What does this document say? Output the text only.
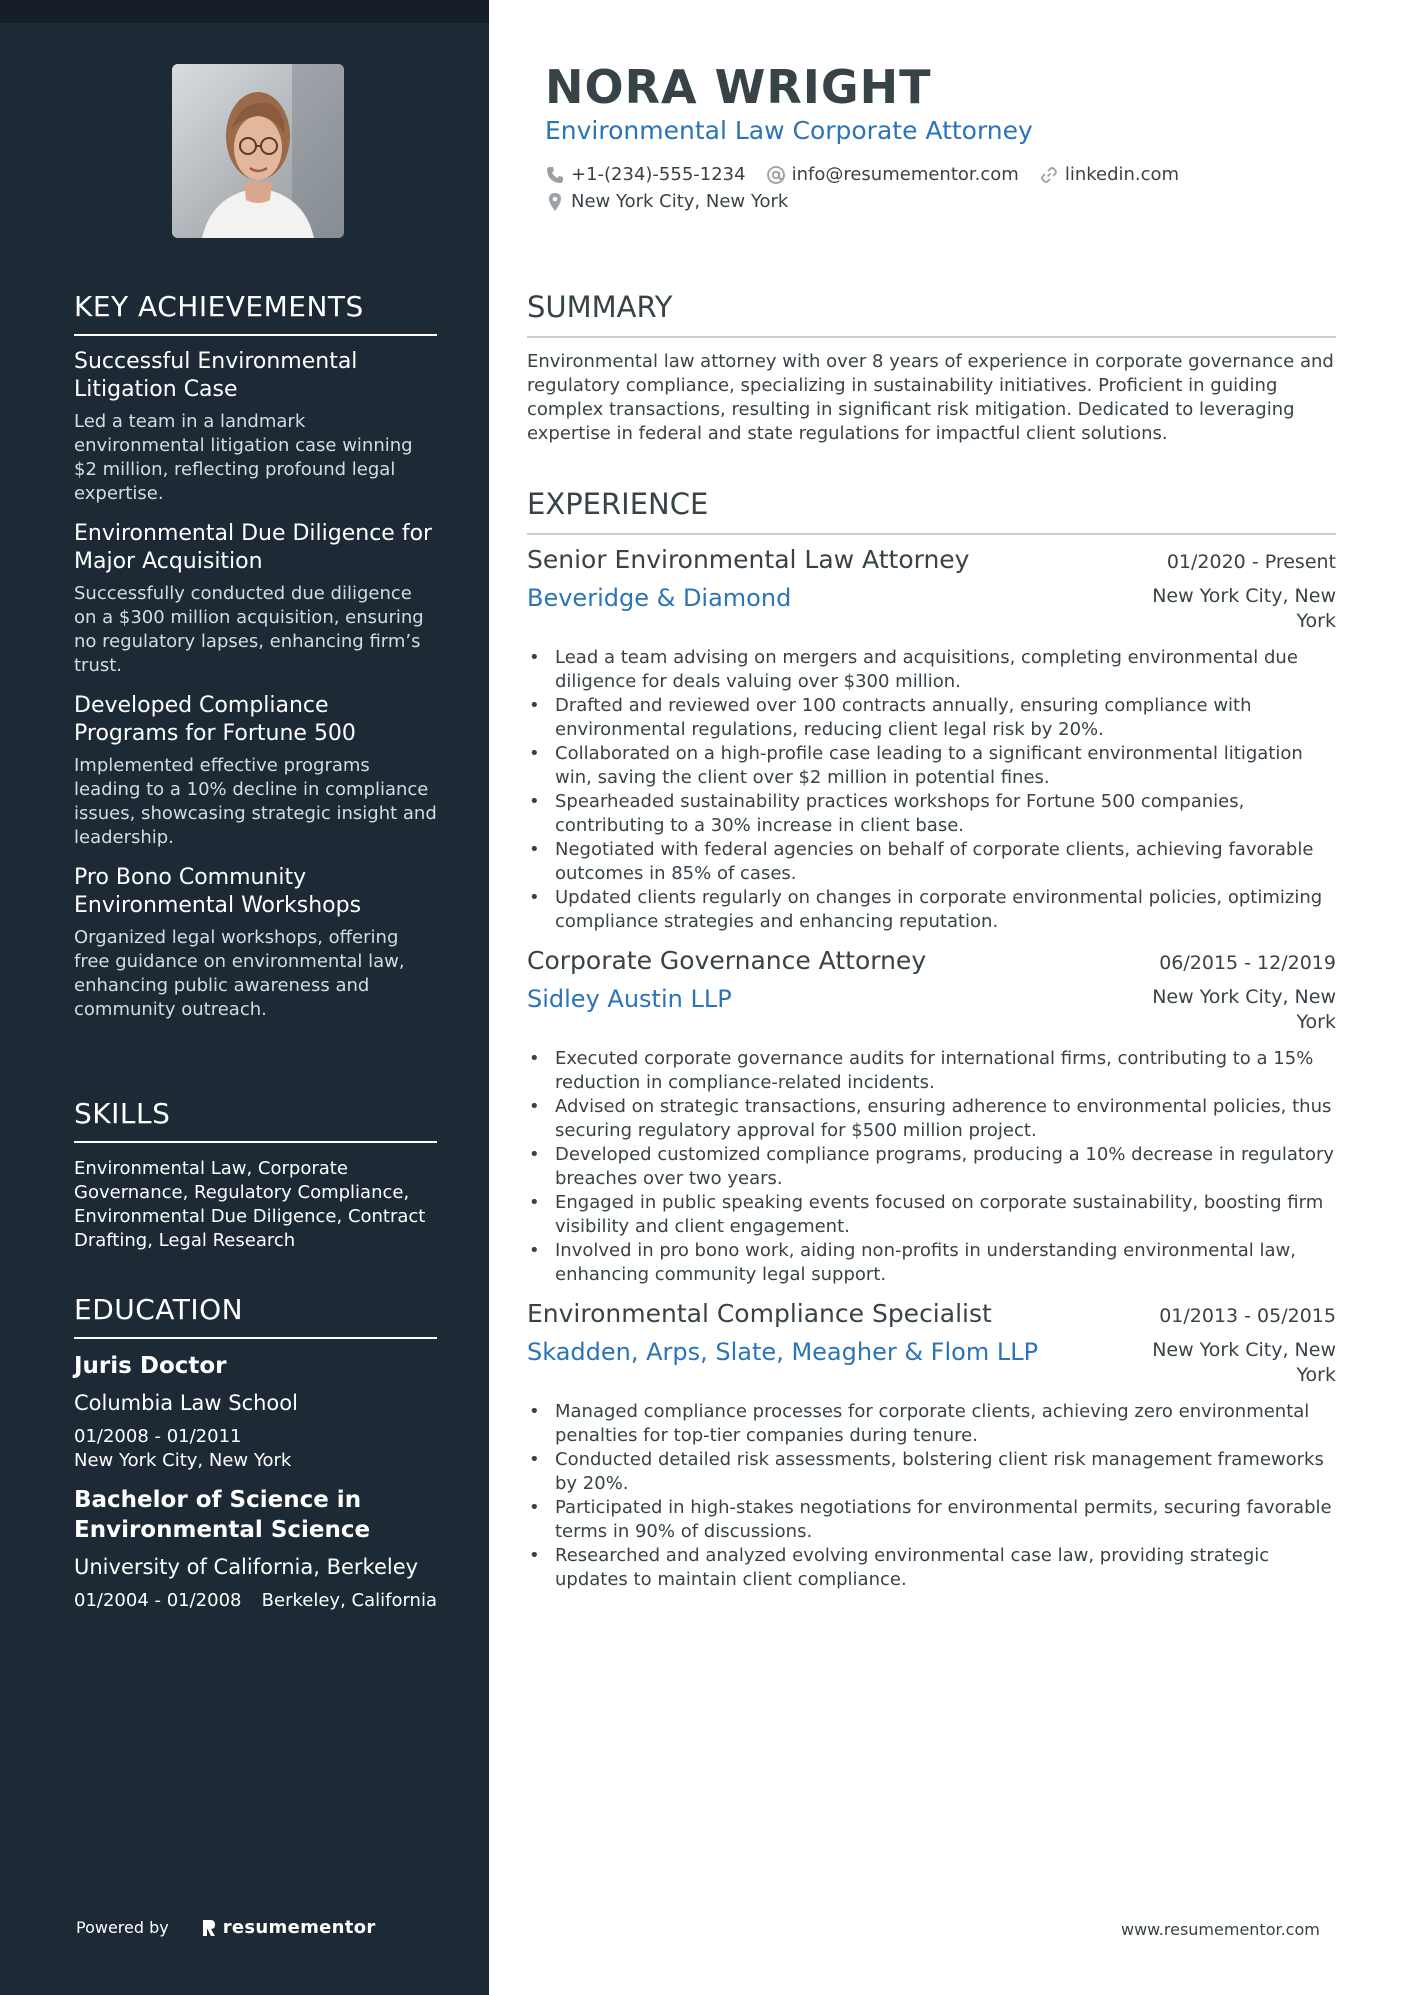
KEY ACHIEVEMENTS
Successful Environmental Litigation Case
Led a team in a landmark environmental litigation case winning $2 million, reflecting profound legal expertise.
Environmental Due Diligence for Major Acquisition
Successfully conducted due diligence on a $300 million acquisition, ensuring no regulatory lapses, enhancing firm’s trust.
Developed Compliance Programs for Fortune 500
Implemented effective programs leading to a 10% decline in compliance issues, showcasing strategic insight and leadership.
Pro Bono Community Environmental Workshops
Organized legal workshops, offering free guidance on environmental law, enhancing public awareness and community outreach.
SKILLS
Environmental Law, Corporate Governance, Regulatory Compliance, Environmental Due Diligence, Contract Drafting, Legal Research
EDUCATION
Juris Doctor
Columbia Law School
01/2008 - 01/2011
New York City, New York
Bachelor of Science in Environmental Science
University of California, Berkeley
01/2004 - 01/2008 Berkeley, California
Powered by	resumementor
NORA WRIGHT
Environmental Law Corporate Attorney
+1-(234)-555-1234	info@resumementor.com	linkedin.com
New York City, New York
SUMMARY
Environmental law attorney with over 8 years of experience in corporate governance and regulatory compliance, specializing in sustainability initiatives. Proficient in guiding complex transactions, resulting in significant risk mitigation. Dedicated to leveraging expertise in federal and state regulations for impactful client solutions.
EXPERIENCE
Senior Environmental Law Attorney	01/2020 - Present
Beveridge & Diamond	New York City, New York
• Lead a team advising on mergers and acquisitions, completing environmental due diligence for deals valuing over $300 million.
• Drafted and reviewed over 100 contracts annually, ensuring compliance with environmental regulations, reducing client legal risk by 20%.
• Collaborated on a high-profile case leading to a significant environmental litigation win, saving the client over $2 million in potential fines.
• Spearheaded sustainability practices workshops for Fortune 500 companies, contributing to a 30% increase in client base.
• Negotiated with federal agencies on behalf of corporate clients, achieving favorable outcomes in 85% of cases.
• Updated clients regularly on changes in corporate environmental policies, optimizing compliance strategies and enhancing reputation.
Corporate Governance Attorney	06/2015 - 12/2019
Sidley Austin LLP	New York City, New York
• Executed corporate governance audits for international firms, contributing to a 15% reduction in compliance-related incidents.
• Advised on strategic transactions, ensuring adherence to environmental policies, thus securing regulatory approval for $500 million project.
• Developed customized compliance programs, producing a 10% decrease in regulatory breaches over two years.
• Engaged in public speaking events focused on corporate sustainability, boosting firm visibility and client engagement.
• Involved in pro bono work, aiding non-profits in understanding environmental law, enhancing community legal support.
Environmental Compliance Specialist	01/2013 - 05/2015
Skadden, Arps, Slate, Meagher & Flom LLP	New York City, New York
• Managed compliance processes for corporate clients, achieving zero environmental penalties for top-tier companies during tenure.
• Conducted detailed risk assessments, bolstering client risk management frameworks by 20%.
• Participated in high-stakes negotiations for environmental permits, securing favorable terms in 90% of discussions.
• Researched and analyzed evolving environmental case law, providing strategic updates to maintain client compliance.
www.resumementor.com
